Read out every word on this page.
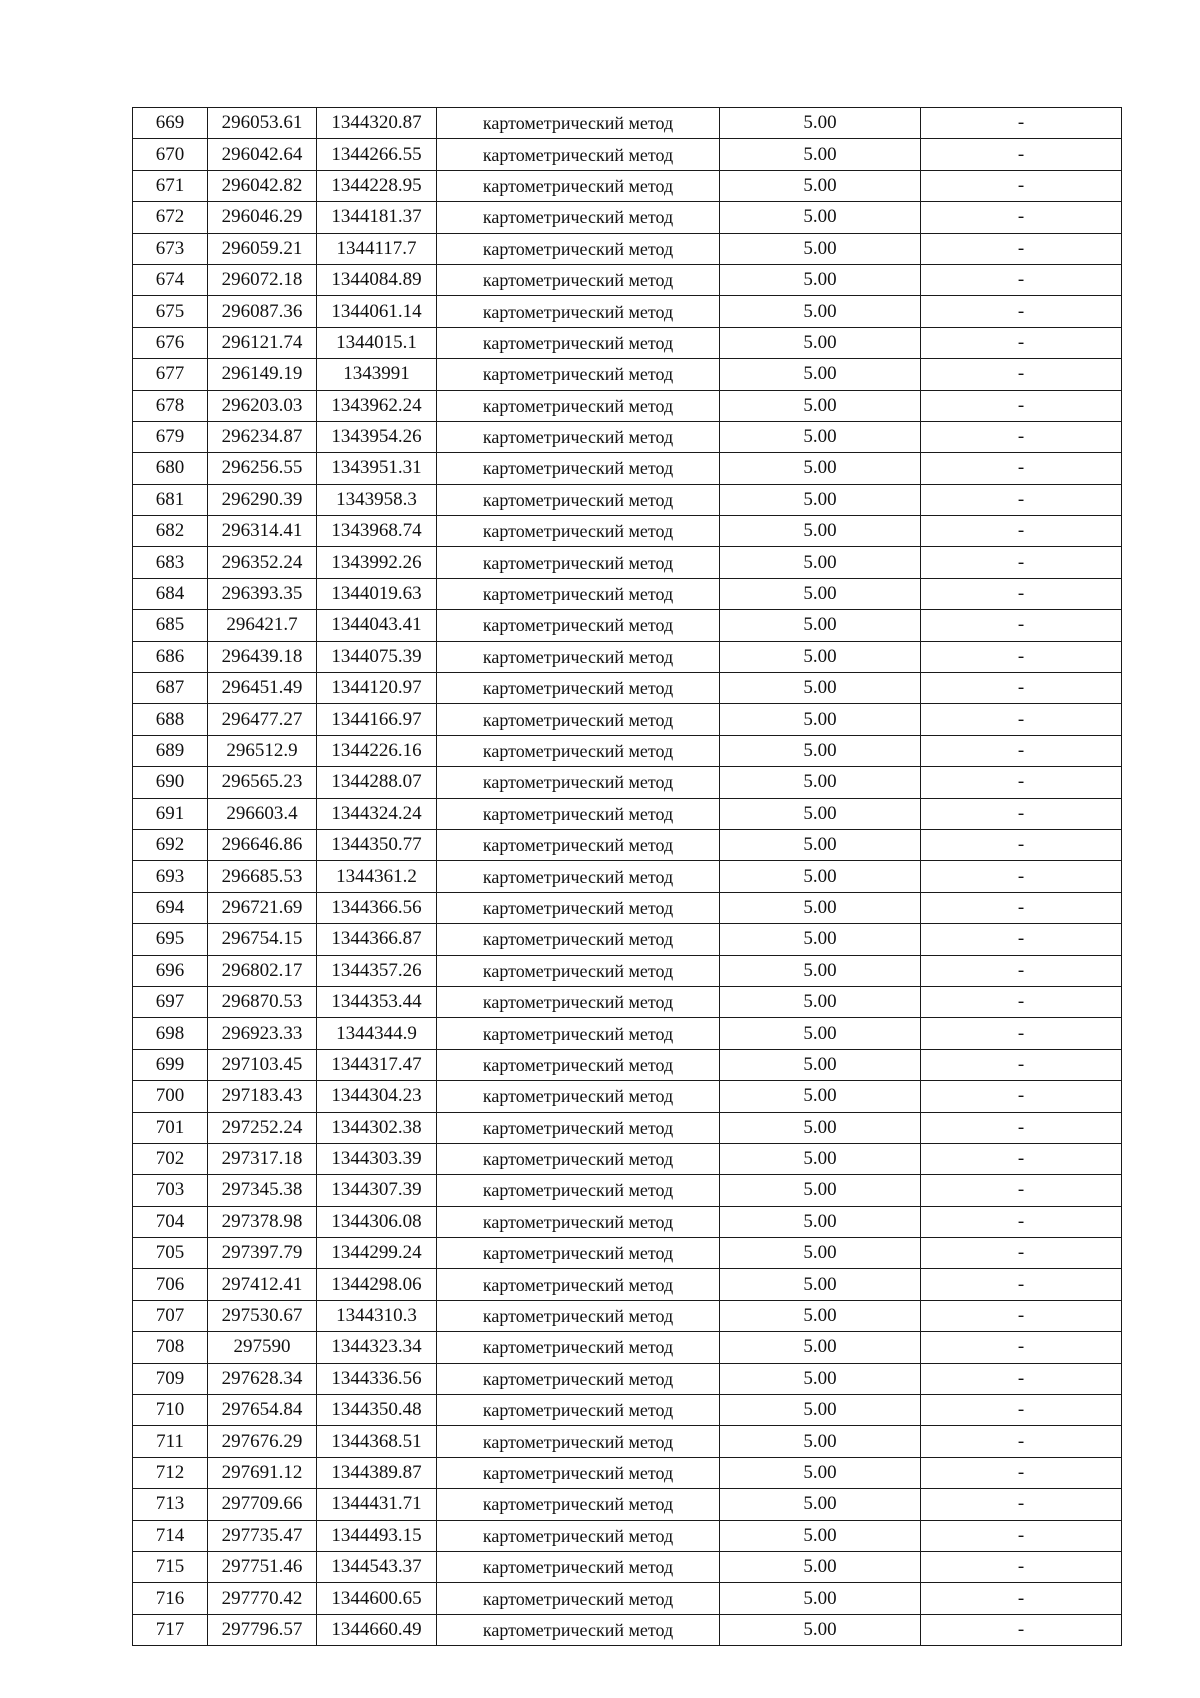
669	296053.61	1344320.87	картометрический метод	5.00	-
670	296042.64	1344266.55	картометрический метод	5.00	-
671	296042.82	1344228.95	картометрический метод	5.00	-
672	296046.29	1344181.37	картометрический метод	5.00	-
673	296059.21	1344117.7	картометрический метод	5.00	-
674	296072.18	1344084.89	картометрический метод	5.00	-
675	296087.36	1344061.14	картометрический метод	5.00	-
676	296121.74	1344015.1	картометрический метод	5.00	-
677	296149.19	1343991	картометрический метод	5.00	-
678	296203.03	1343962.24	картометрический метод	5.00	-
679	296234.87	1343954.26	картометрический метод	5.00	-
680	296256.55	1343951.31	картометрический метод	5.00	-
681	296290.39	1343958.3	картометрический метод	5.00	-
682	296314.41	1343968.74	картометрический метод	5.00	-
683	296352.24	1343992.26	картометрический метод	5.00	-
684	296393.35	1344019.63	картометрический метод	5.00	-
685	296421.7	1344043.41	картометрический метод	5.00	-
686	296439.18	1344075.39	картометрический метод	5.00	-
687	296451.49	1344120.97	картометрический метод	5.00	-
688	296477.27	1344166.97	картометрический метод	5.00	-
689	296512.9	1344226.16	картометрический метод	5.00	-
690	296565.23	1344288.07	картометрический метод	5.00	-
691	296603.4	1344324.24	картометрический метод	5.00	-
692	296646.86	1344350.77	картометрический метод	5.00	-
693	296685.53	1344361.2	картометрический метод	5.00	-
694	296721.69	1344366.56	картометрический метод	5.00	-
695	296754.15	1344366.87	картометрический метод	5.00	-
696	296802.17	1344357.26	картометрический метод	5.00	-
697	296870.53	1344353.44	картометрический метод	5.00	-
698	296923.33	1344344.9	картометрический метод	5.00	-
699	297103.45	1344317.47	картометрический метод	5.00	-
700	297183.43	1344304.23	картометрический метод	5.00	-
701	297252.24	1344302.38	картометрический метод	5.00	-
702	297317.18	1344303.39	картометрический метод	5.00	-
703	297345.38	1344307.39	картометрический метод	5.00	-
704	297378.98	1344306.08	картометрический метод	5.00	-
705	297397.79	1344299.24	картометрический метод	5.00	-
706	297412.41	1344298.06	картометрический метод	5.00	-
707	297530.67	1344310.3	картометрический метод	5.00	-
708	297590	1344323.34	картометрический метод	5.00	-
709	297628.34	1344336.56	картометрический метод	5.00	-
710	297654.84	1344350.48	картометрический метод	5.00	-
711	297676.29	1344368.51	картометрический метод	5.00	-
712	297691.12	1344389.87	картометрический метод	5.00	-
713	297709.66	1344431.71	картометрический метод	5.00	-
714	297735.47	1344493.15	картометрический метод	5.00	-
715	297751.46	1344543.37	картометрический метод	5.00	-
716	297770.42	1344600.65	картометрический метод	5.00	-
717	297796.57	1344660.49	картометрический метод	5.00	-
